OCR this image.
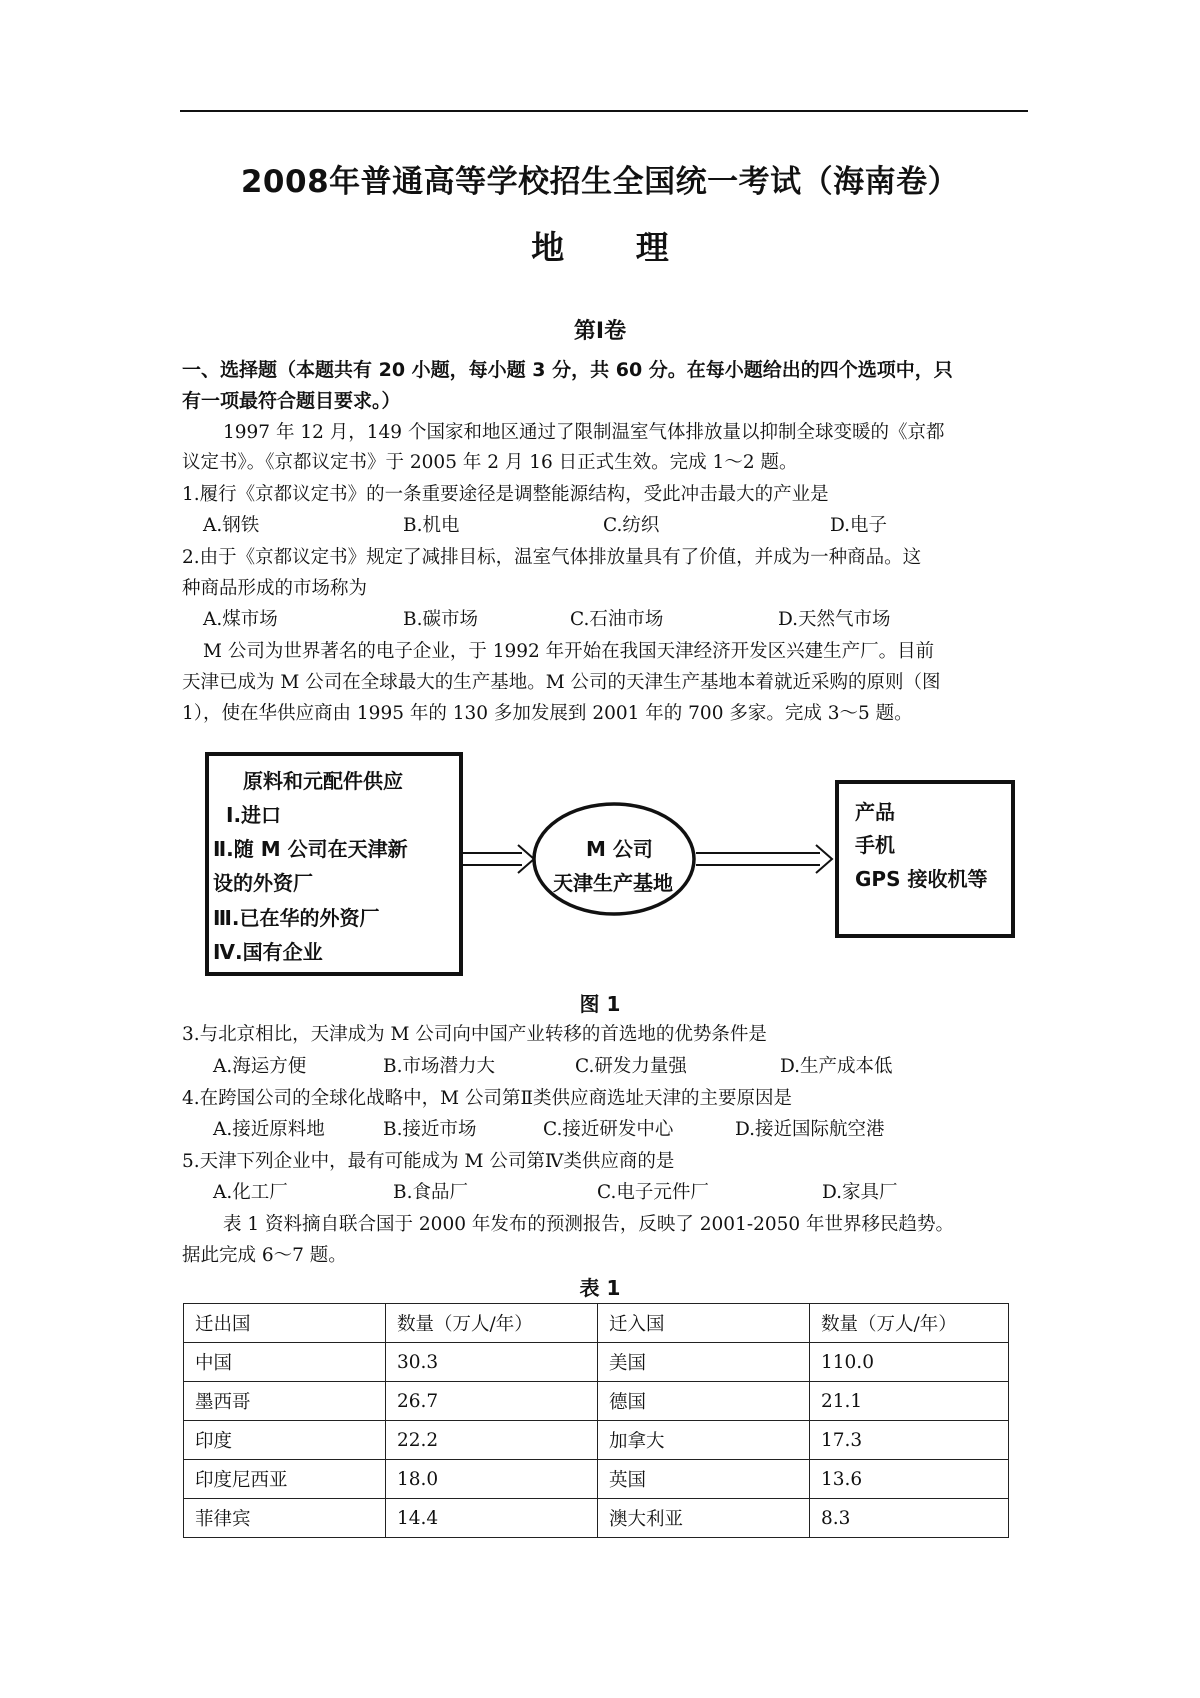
2008年普通高等学校招生全国统一考试（海南卷）
地 理
第Ⅰ卷
一、选择题（本题共有 20 小题，每小题 3 分，共 60 分。在每小题给出的四个选项中，只
有一项最符合题目要求。）
1997 年 12 月，149 个国家和地区通过了限制温室气体排放量以抑制全球变暖的《京都
议定书》。《京都议定书》于 2005 年 2 月 16 日正式生效。完成 1～2 题。
1.履行《京都议定书》的一条重要途径是调整能源结构，受此冲击最大的产业是
A.钢铁	B.机电	C.纺织	D.电子
2.由于《京都议定书》规定了减排目标，温室气体排放量具有了价值，并成为一种商品。这
种商品形成的市场称为
A.煤市场	B.碳市场	C.石油市场	D.天然气市场
M 公司为世界著名的电子企业，于 1992 年开始在我国天津经济开发区兴建生产厂。目前
天津已成为 M 公司在全球最大的生产基地。M 公司的天津生产基地本着就近采购的原则（图
1），使在华供应商由 1995 年的 130 多加发展到 2001 年的 700 多家。完成 3～5 题。
原料和元配件供应
Ⅰ.进口
Ⅱ.随 M 公司在天津新
设的外资厂
Ⅲ.已在华的外资厂
Ⅳ.国有企业
M 公司
天津生产基地
产品
手机
GPS 接收机等
图 1
3.与北京相比，天津成为 M 公司向中国产业转移的首选地的优势条件是
A.海运方便	B.市场潜力大	C.研发力量强	D.生产成本低
4.在跨国公司的全球化战略中，M 公司第Ⅱ类供应商选址天津的主要原因是
A.接近原料地	B.接近市场	C.接近研发中心	D.接近国际航空港
5.天津下列企业中，最有可能成为 M 公司第Ⅳ类供应商的是
A.化工厂	B.食品厂	C.电子元件厂	D.家具厂
表 1 资料摘自联合国于 2000 年发布的预测报告，反映了 2001-2050 年世界移民趋势。
据此完成 6～7 题。
表 1
迁出国	数量（万人/年）	迁入国	数量（万人/年）
中国	30.3	美国	110.0
墨西哥	26.7	德国	21.1
印度	22.2	加拿大	17.3
印度尼西亚	18.0	英国	13.6
菲律宾	14.4	澳大利亚	8.3
